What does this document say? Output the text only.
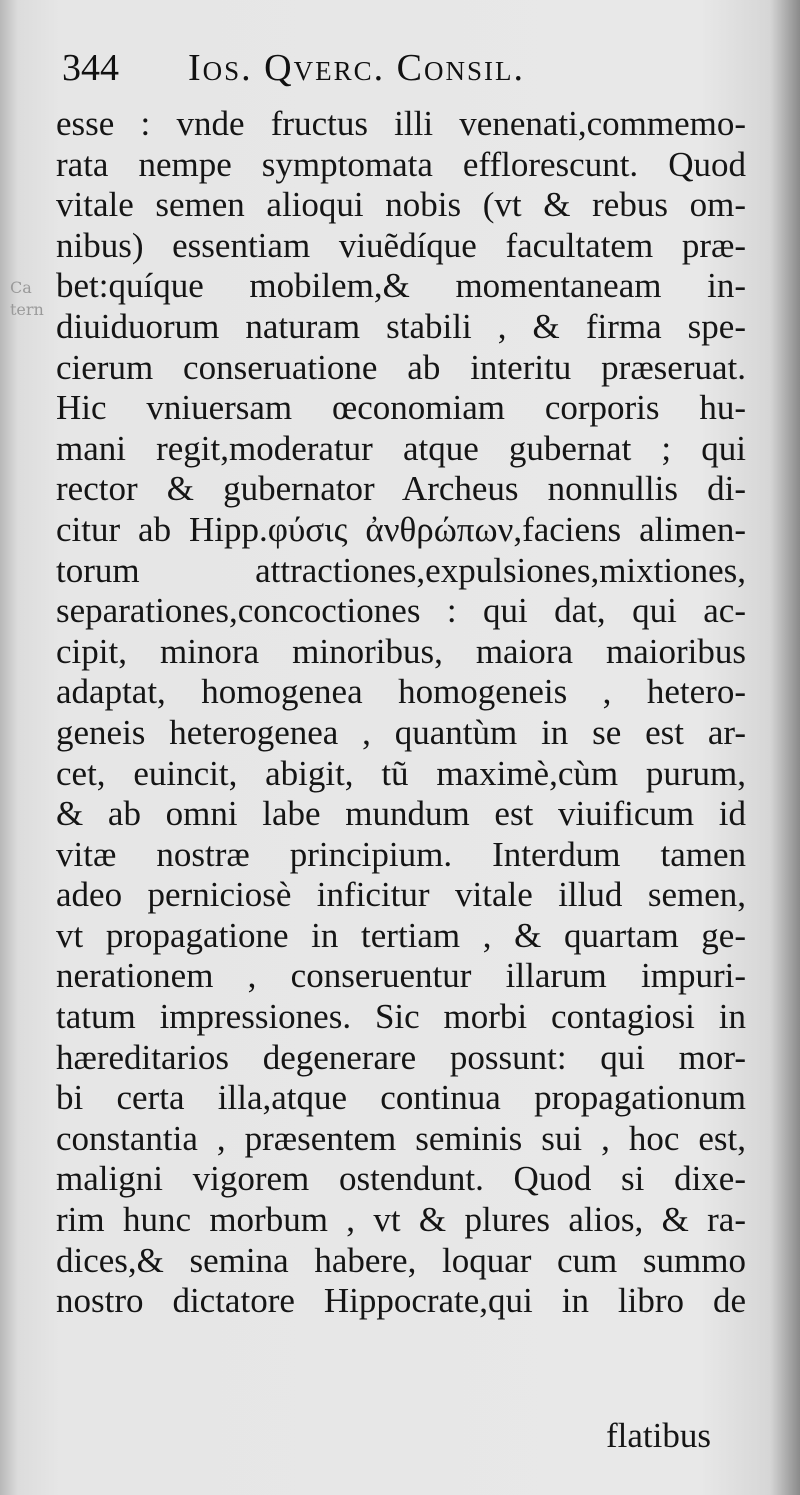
Ca
tern
344 Ios. Qverc. Consil.
esse : vnde fructus illi venenati,commemo-
rata nempe symptomata efflorescunt. Quod
vitale semen alioqui nobis (vt & rebus om-
nibus) essentiam viuẽdíque facultatem præ-
bet:quíque mobilem,& momentaneam in-
diuiduorum naturam stabili , & firma spe-
cierum conseruatione ab interitu præseruat.
Hic vniuersam œconomiam corporis hu-
mani regit,moderatur atque gubernat ; qui
rector & gubernator Archeus nonnullis di-
citur ab Hipp.φύσις ἀνθρώπων,faciens alimen-
torum attractiones,expulsiones,mixtiones,
separationes,concoctiones : qui dat, qui ac-
cipit, minora minoribus, maiora maioribus
adaptat, homogenea homogeneis , hetero-
geneis heterogenea , quantùm in se est ar-
cet, euincit, abigit, tũ maximè,cùm purum,
& ab omni labe mundum est viuificum id
vitæ nostræ principium. Interdum tamen
adeo perniciosè inficitur vitale illud semen,
vt propagatione in tertiam , & quartam ge-
nerationem , conseruentur illarum impuri-
tatum impressiones. Sic morbi contagiosi in
hæreditarios degenerare possunt: qui mor-
bi certa illa,atque continua propagationum
constantia , præsentem seminis sui , hoc est,
maligni vigorem ostendunt. Quod si dixe-
rim hunc morbum , vt & plures alios, & ra-
dices,& semina habere, loquar cum summo
nostro dictatore Hippocrate,qui in libro de
flatibus
